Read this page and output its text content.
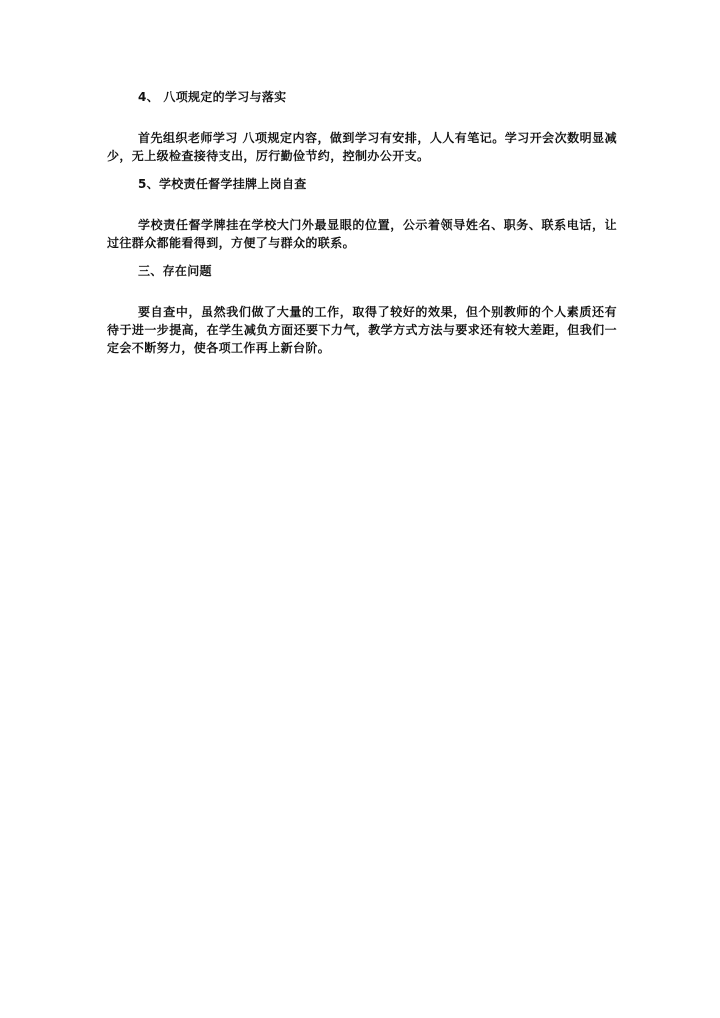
4、 八项规定的学习与落实

首先组织老师学习 八项规定内容，做到学习有安排，人人有笔记。学习开会次数明显减少，无上级检查接待支出，厉行勤俭节约，控制办公开支。

5、学校责任督学挂牌上岗自查

学校责任督学牌挂在学校大门外最显眼的位置，公示着领导姓名、职务、联系电话，让过往群众都能看得到，方便了与群众的联系。

三、存在问题

要自查中，虽然我们做了大量的工作，取得了较好的效果，但个别教师的个人素质还有待于进一步提高，在学生减负方面还要下力气，教学方式方法与要求还有较大差距，但我们一定会不断努力，使各项工作再上新台阶。
